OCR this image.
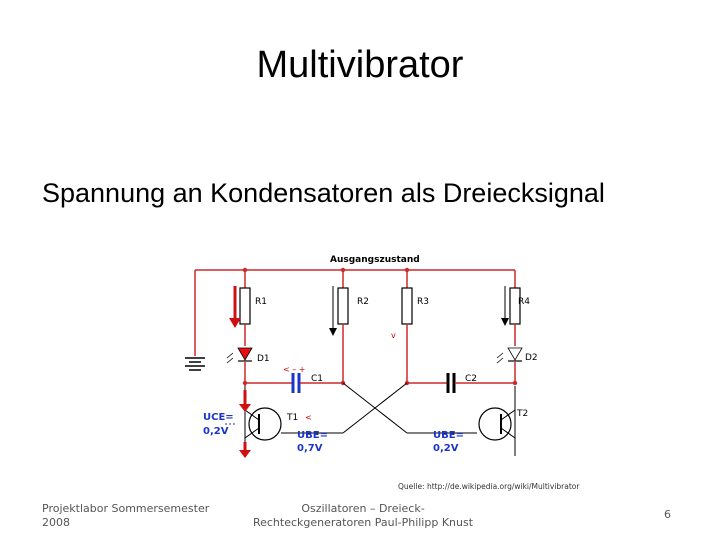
Multivibrator
Spannung an Kondensatoren als Dreiecksignal
Ausgangszustand
R1
D1
C1
< – +
R2	R3
v
C2
R4
D2
T1 <	T2
UCE=
0,2V	UBE=
0,7V
UBE=
0,2V
Quelle: http://de.wikipedia.org/wiki/Multivibrator
Projektlabor Sommersemester
2008
Oszillatoren – Dreieck-
Rechteckgeneratoren Paul-Philipp Knust
6
